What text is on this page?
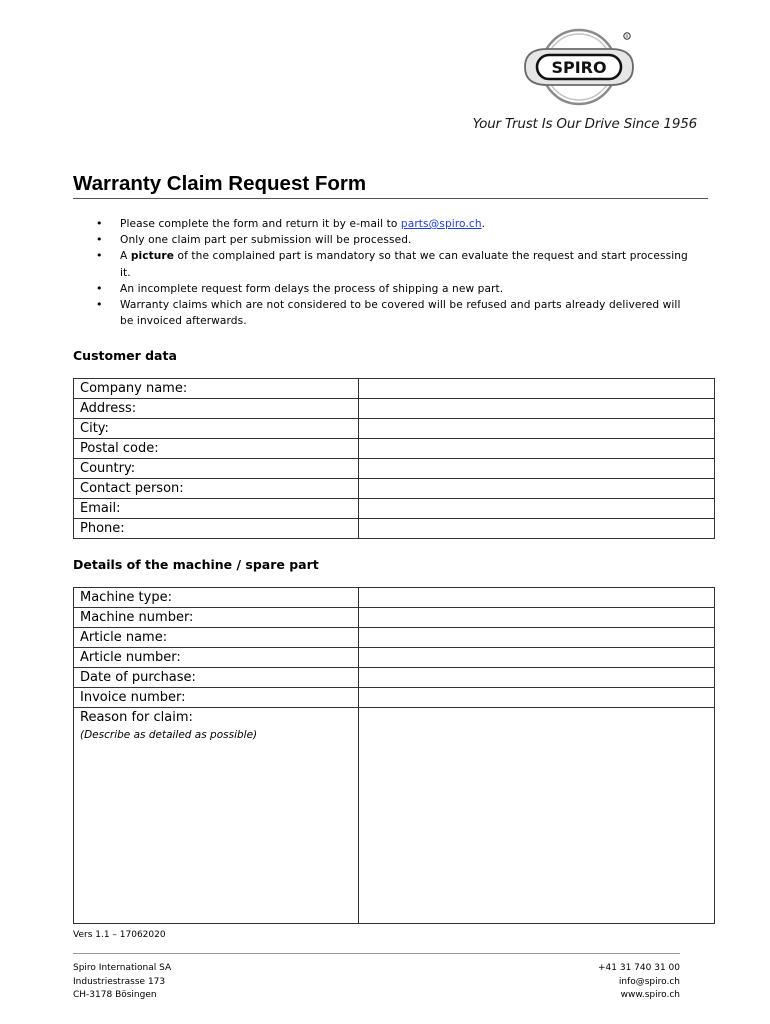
SPIRO
R
Your Trust Is Our Drive Since 1956
Warranty Claim Request Form
• Please complete the form and return it by e-mail to parts@spiro.ch.
• Only one claim part per submission will be processed.
• A picture of the complained part is mandatory so that we can evaluate the request and start processing it.
• An incomplete request form delays the process of shipping a new part.
• Warranty claims which are not considered to be covered will be refused and parts already delivered will be invoiced afterwards.
Customer data
Company name:	
Address:	
City:	
Postal code:	
Country:	
Contact person:	
Email:	
Phone:	
Details of the machine / spare part
Machine type:	
Machine number:	
Article name:	
Article number:	
Date of purchase:	
Invoice number:	
Reason for claim:
(Describe as detailed as possible)	

Vers 1.1 – 17062020
Spiro International SA
Industriestrasse 173
CH-3178 Bösingen
+41 31 740 31 00
info@spiro.ch
www.spiro.ch
